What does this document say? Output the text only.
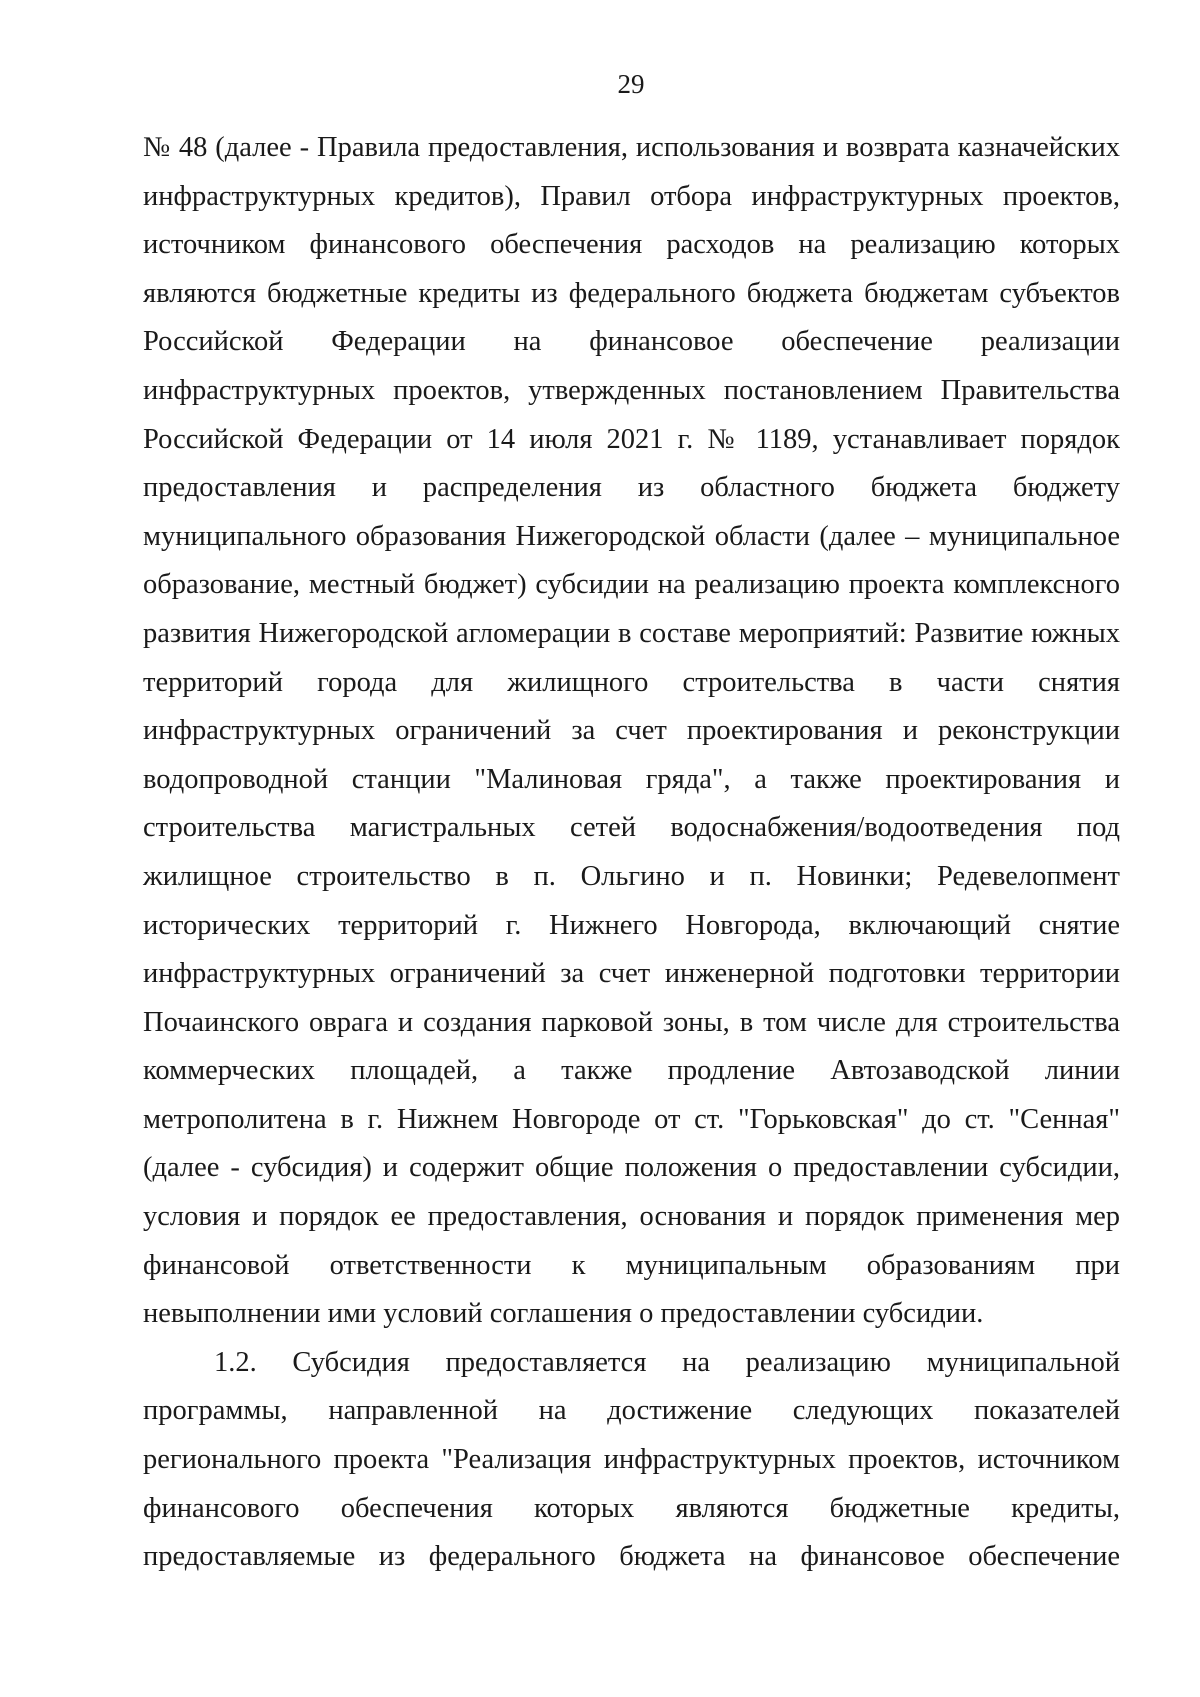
29
№ 48 (далее - Правила предоставления, использования и возврата казначейских
инфраструктурных кредитов), Правил отбора инфраструктурных проектов,
источником финансового обеспечения расходов на реализацию которых
являются бюджетные кредиты из федерального бюджета бюджетам субъектов
Российской Федерации на финансовое обеспечение реализации
инфраструктурных проектов, утвержденных постановлением Правительства
Российской Федерации от 14 июля 2021 г. № 1189, устанавливает порядок
предоставления и распределения из областного бюджета бюджету
муниципального образования Нижегородской области (далее – муниципальное
образование, местный бюджет) субсидии на реализацию проекта комплексного
развития Нижегородской агломерации в составе мероприятий: Развитие южных
территорий города для жилищного строительства в части снятия
инфраструктурных ограничений за счет проектирования и реконструкции
водопроводной станции "Малиновая гряда", а также проектирования и
строительства магистральных сетей водоснабжения/водоотведения под
жилищное строительство в п. Ольгино и п. Новинки; Редевелопмент
исторических территорий г. Нижнего Новгорода, включающий снятие
инфраструктурных ограничений за счет инженерной подготовки территории
Почаинского оврага и создания парковой зоны, в том числе для строительства
коммерческих площадей, а также продление Автозаводской линии
метрополитена в г. Нижнем Новгороде от ст. "Горьковская" до ст. "Сенная"
(далее - субсидия) и содержит общие положения о предоставлении субсидии,
условия и порядок ее предоставления, основания и порядок применения мер
финансовой ответственности к муниципальным образованиям при
невыполнении ими условий соглашения о предоставлении субсидии.
1.2. Субсидия предоставляется на реализацию муниципальной
программы, направленной на достижение следующих показателей
регионального проекта "Реализация инфраструктурных проектов, источником
финансового обеспечения которых являются бюджетные кредиты,
предоставляемые из федерального бюджета на финансовое обеспечение
